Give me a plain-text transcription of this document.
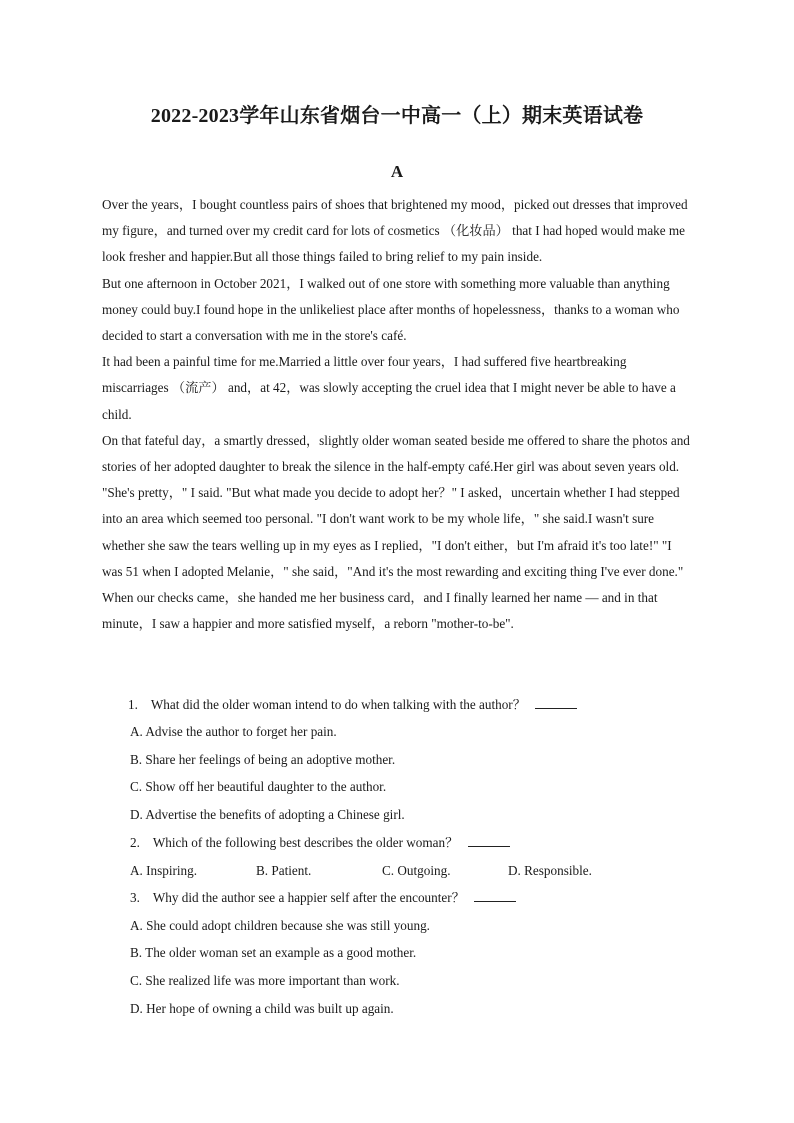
2022-2023学年山东省烟台一中高一（上）期末英语试卷
A

Over the years，I bought countless pairs of shoes that brightened my mood，picked out dresses that improved my figure，and turned over my credit card for lots of cosmetics （化妆品） that I had hoped would make me look fresher and happier.But all those things failed to bring relief to my pain inside.

But one afternoon in October 2021，I walked out of one store with something more valuable than anything money could buy.I found hope in the unlikeliest place after months of hopelessness，thanks to a woman who decided to start a conversation with me in the store's café.

It had been a painful time for me.Married a little over four years，I had suffered five heartbreaking miscarriages （流产） and，at 42，was slowly accepting the cruel idea that I might never be able to have a child.

On that fateful day，a smartly dressed，slightly older woman seated beside me offered to share the photos and stories of her adopted daughter to break the silence in the half-empty café.Her girl was about seven years old.

"She's pretty，" I said. "But what made you decide to adopt her？" I asked，uncertain whether I had stepped into an area which seemed too personal. "I don't want work to be my whole life，" she said.I wasn't sure whether she saw the tears welling up in my eyes as I replied，"I don't either，but I'm afraid it's too late!" "I was 51 when I adopted Melanie，" she said，"And it's the most rewarding and exciting thing I've ever done."

When our checks came，she handed me her business card，and I finally learned her name — and in that minute，I saw a happier and more satisfied myself，a reborn "mother-to-be".

1. What did the older woman intend to do when talking with the author？
A. Advise the author to forget her pain.
B. Share her feelings of being an adoptive mother.
C. Show off her beautiful daughter to the author.
D. Advertise the benefits of adopting a Chinese girl.
2. Which of the following best describes the older woman？
A. Inspiring.	B. Patient.	C. Outgoing.	D. Responsible.
3. Why did the author see a happier self after the encounter？
A. She could adopt children because she was still young.
B. The older woman set an example as a good mother.
C. She realized life was more important than work.
D. Her hope of owning a child was built up again.
